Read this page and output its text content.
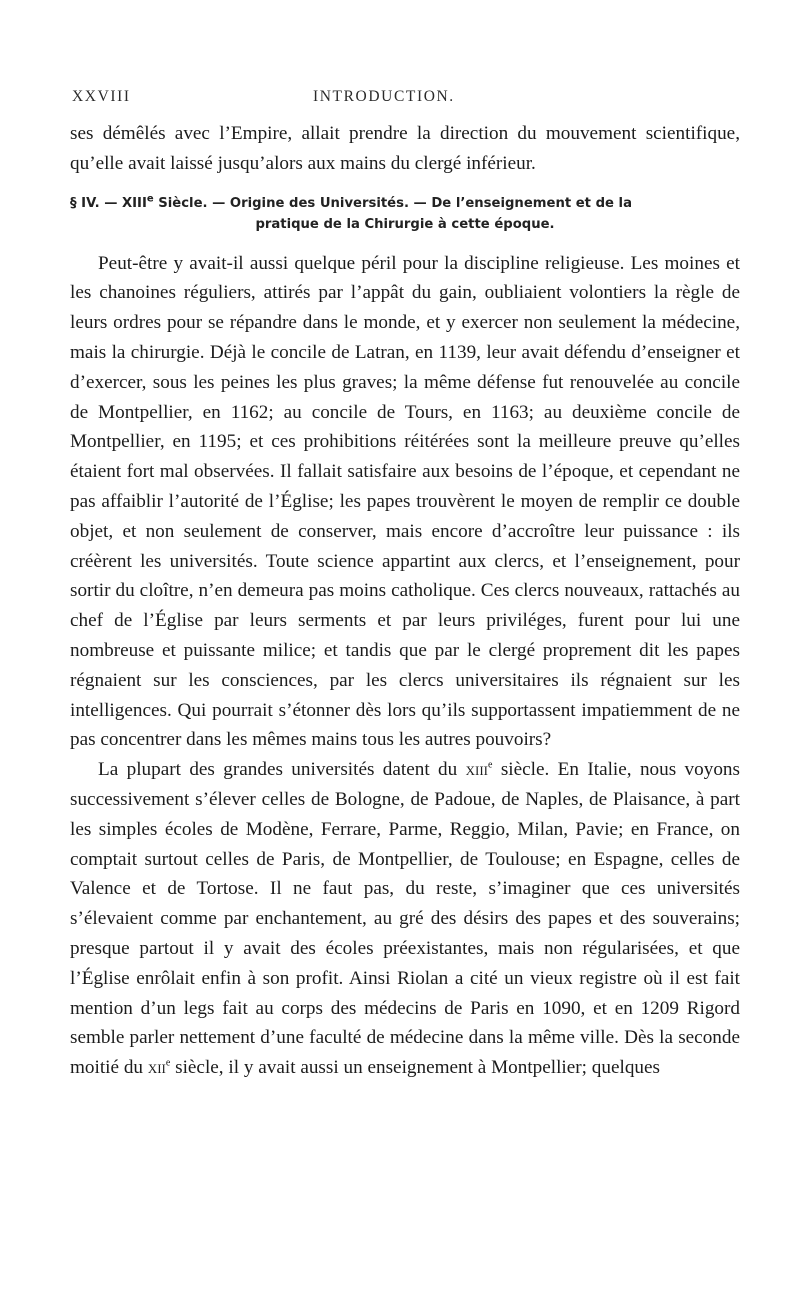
XXVIII	INTRODUCTION.

ses démêlés avec l’Empire, allait prendre la direction du mouvement scientifique, qu’elle avait laissé jusqu’alors aux mains du clergé inférieur.

§ IV. — XIIIe Siècle. — Origine des Universités. — De l’enseignement et de la
pratique de la Chirurgie à cette époque.

Peut-être y avait-il aussi quelque péril pour la discipline religieuse. Les moines et les chanoines réguliers, attirés par l’appât du gain, oubliaient volontiers la règle de leurs ordres pour se répandre dans le monde, et y exercer non seulement la médecine, mais la chirurgie. Déjà le concile de Latran, en 1139, leur avait défendu d’enseigner et d’exercer, sous les peines les plus graves; la même défense fut renouvelée au concile de Montpellier, en 1162; au concile de Tours, en 1163; au deuxième concile de Montpellier, en 1195; et ces prohibitions réitérées sont la meilleure preuve qu’elles étaient fort mal observées. Il fallait satisfaire aux besoins de l’époque, et cependant ne pas affaiblir l’autorité de l’Église; les papes trouvèrent le moyen de remplir ce double objet, et non seulement de conserver, mais encore d’accroître leur puissance : ils créèrent les universités. Toute science appartint aux clercs, et l’enseignement, pour sortir du cloître, n’en demeura pas moins catholique. Ces clercs nouveaux, rattachés au chef de l’Église par leurs serments et par leurs priviléges, furent pour lui une nombreuse et puissante milice; et tandis que par le clergé proprement dit les papes régnaient sur les consciences, par les clercs universitaires ils régnaient sur les intelligences. Qui pourrait s’étonner dès lors qu’ils supportassent impatiemment de ne pas concentrer dans les mêmes mains tous les autres pouvoirs?

La plupart des grandes universités datent du xiii$^e$ siècle. En Italie, nous voyons successivement s’élever celles de Bologne, de Padoue, de Naples, de Plaisance, à part les simples écoles de Modène, Ferrare, Parme, Reggio, Milan, Pavie; en France, on comptait surtout celles de Paris, de Montpellier, de Toulouse; en Espagne, celles de Valence et de Tortose. Il ne faut pas, du reste, s’imaginer que ces universités s’élevaient comme par enchantement, au gré des désirs des papes et des souverains; presque partout il y avait des écoles préexistantes, mais non régularisées, et que l’Église enrôlait enfin à son profit. Ainsi Riolan a cité un vieux registre où il est fait mention d’un legs fait au corps des médecins de Paris en 1090, et en 1209 Rigord semble parler nettement d’une faculté de médecine dans la même ville. Dès la seconde moitié du xii$^e$ siècle, il y avait aussi un enseignement à Montpellier; quelques
